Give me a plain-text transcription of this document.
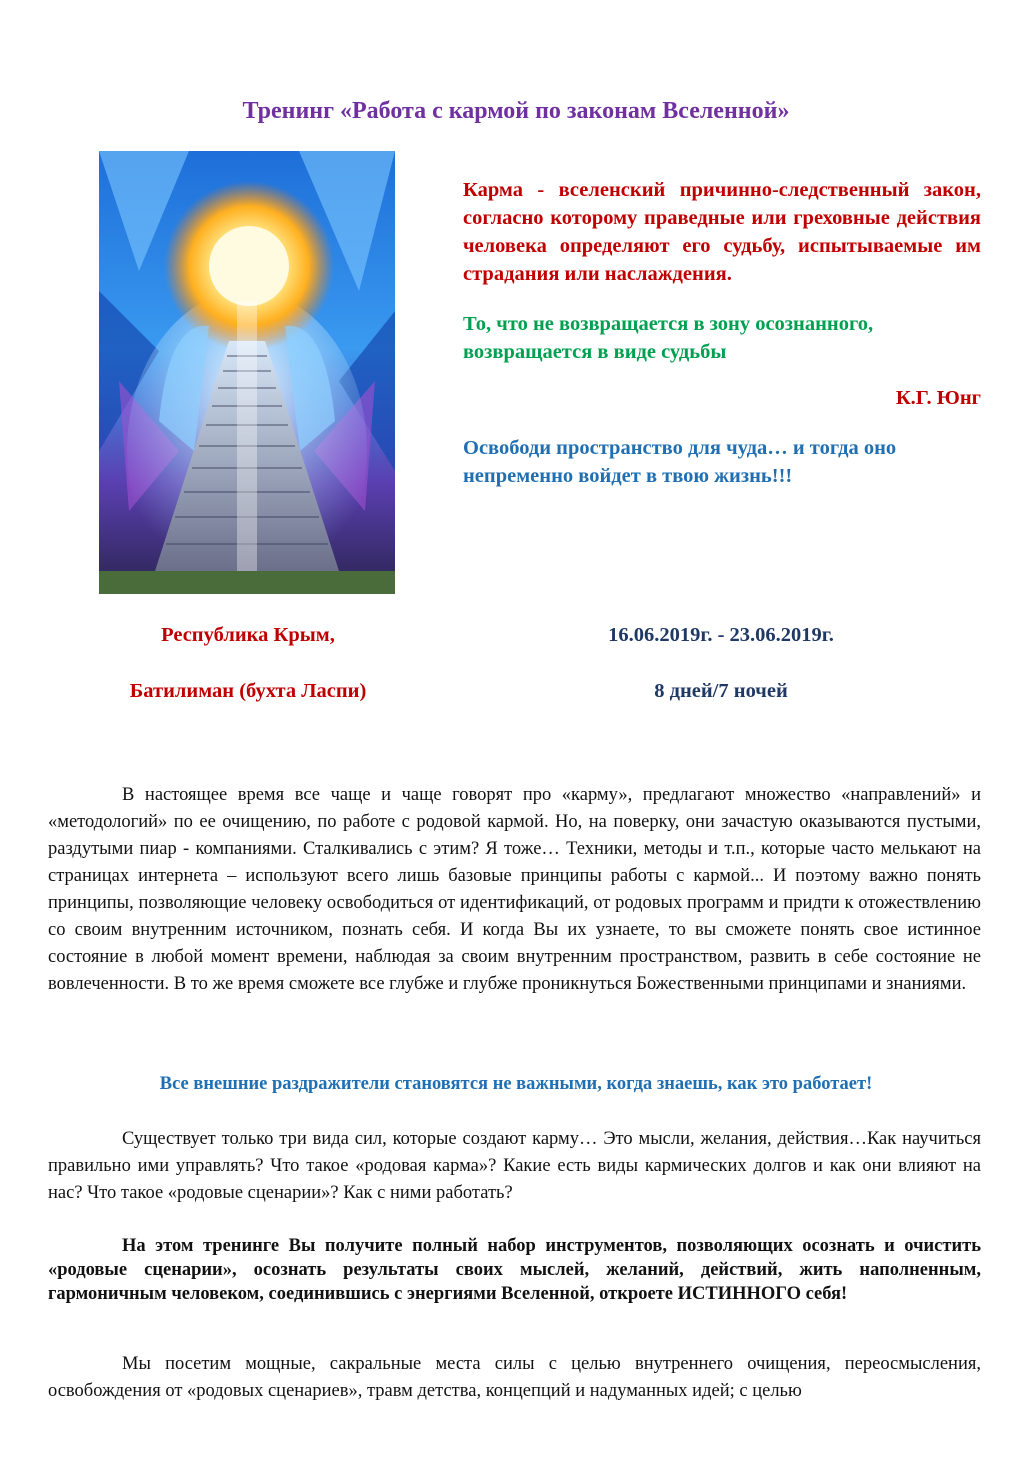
Тренинг «Работа с кармой по законам Вселенной»

Карма - вселенский причинно-следственный закон, согласно которому праведные или греховные действия человека определяют его судьбу, испытываемые им страдания или наслаждения.

То, что не возвращается в зону осознанного, возвращается в виде судьбы

К.Г. Юнг

Освободи пространство для чуда… и тогда оно непременно войдет в твою жизнь!!!

Республика Крым,
Батилиман (бухта Ласпи)
16.06.2019г. - 23.06.2019г.
8 дней/7 ночей

В настоящее время все чаще и чаще говорят про «карму», предлагают множество «направлений» и «методологий» по ее очищению, по работе с родовой кармой. Но, на поверку, они зачастую оказываются пустыми, раздутыми пиар - компаниями. Сталкивались с этим? Я тоже… Техники, методы и т.п., которые часто мелькают на страницах интернета – используют всего лишь базовые принципы работы с кармой... И поэтому важно понять принципы, позволяющие человеку освободиться от идентификаций, от родовых программ и придти к отожествлению со своим внутренним источником, познать себя. И когда Вы их узнаете, то вы сможете понять свое истинное состояние в любой момент времени, наблюдая за своим внутренним пространством, развить в себе состояние не вовлеченности. В то же время сможете все глубже и глубже проникнуться Божественными принципами и знаниями.

Все внешние раздражители становятся не важными, когда знаешь, как это работает!

Существует только три вида сил, которые создают карму… Это мысли, желания, действия…Как научиться правильно ими управлять? Что такое «родовая карма»? Какие есть виды кармических долгов и как они влияют на нас? Что такое «родовые сценарии»? Как с ними работать?

На этом тренинге Вы получите полный набор инструментов, позволяющих осознать и очистить «родовые сценарии», осознать результаты своих мыслей, желаний, действий, жить наполненным, гармоничным человеком, соединившись с энергиями Вселенной, откроете ИСТИННОГО себя!

Мы посетим мощные, сакральные места силы с целью внутреннего очищения, переосмысления, освобождения от «родовых сценариев», травм детства, концепций и надуманных идей; с целью
